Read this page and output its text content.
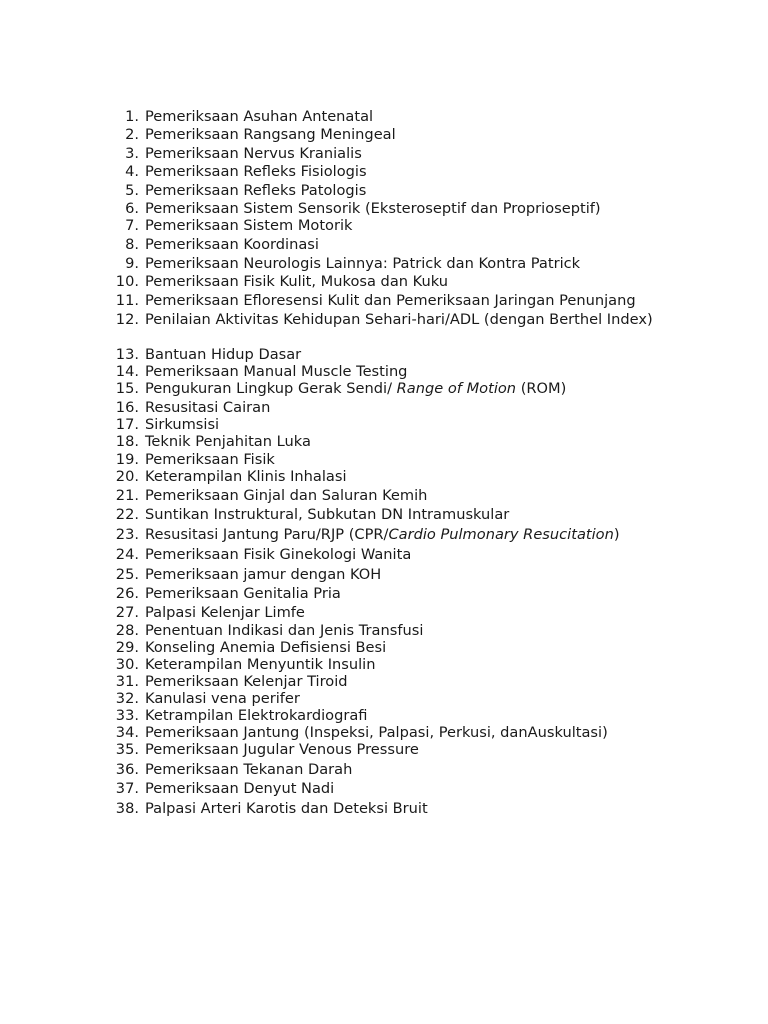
1. 1. Pemeriksaan Asuhan Antenatal
2. 2. Pemeriksaan Rangsang Meningeal
3. 3. Pemeriksaan Nervus Kranialis
4. 4. Pemeriksaan Refleks Fisiologis
5. 5. Pemeriksaan Refleks Patologis
6. 6. Pemeriksaan Sistem Sensorik (Eksteroseptif dan Proprioseptif)
7. 7. Pemeriksaan Sistem Motorik
8. 8. Pemeriksaan Koordinasi
9. 9. Pemeriksaan Neurologis Lainnya: Patrick dan Kontra Patrick
10. 10. Pemeriksaan Fisik Kulit, Mukosa dan Kuku
11. 11. Pemeriksaan Efloresensi Kulit dan Pemeriksaan Jaringan Penunjang
12. 12. Penilaian Aktivitas Kehidupan Sehari-hari/ADL (dengan Berthel Index)
13. 13. Bantuan Hidup Dasar
14. 14. Pemeriksaan Manual Muscle Testing
15. 15. Pengukuran Lingkup Gerak Sendi/ Range of Motion (ROM)
16. 16. Resusitasi Cairan
17. 17. Sirkumsisi
18. 18. Teknik Penjahitan Luka
19. 19. Pemeriksaan Fisik
20. 20. Keterampilan Klinis Inhalasi
21. 21. Pemeriksaan Ginjal dan Saluran Kemih
22. 22. Suntikan Instruktural, Subkutan DN Intramuskular
23. 23. Resusitasi Jantung Paru/RJP (CPR/Cardio Pulmonary Resucitation)
24. 24. Pemeriksaan Fisik Ginekologi Wanita
25. 25. Pemeriksaan jamur dengan KOH
26. 26. Pemeriksaan Genitalia Pria
27. 27. Palpasi Kelenjar Limfe
28. 28. Penentuan Indikasi dan Jenis Transfusi
29. 29. Konseling Anemia Defisiensi Besi
30. 30. Keterampilan Menyuntik Insulin
31. 31. Pemeriksaan Kelenjar Tiroid
32. 32. Kanulasi vena perifer
33. 33. Ketrampilan Elektrokardiografi
34. 34. Pemeriksaan Jantung (Inspeksi, Palpasi, Perkusi, danAuskultasi)
35. 35. Pemeriksaan Jugular Venous Pressure
36. 36. Pemeriksaan Tekanan Darah
37. 37. Pemeriksaan Denyut Nadi
38. 38. Palpasi Arteri Karotis dan Deteksi Bruit
